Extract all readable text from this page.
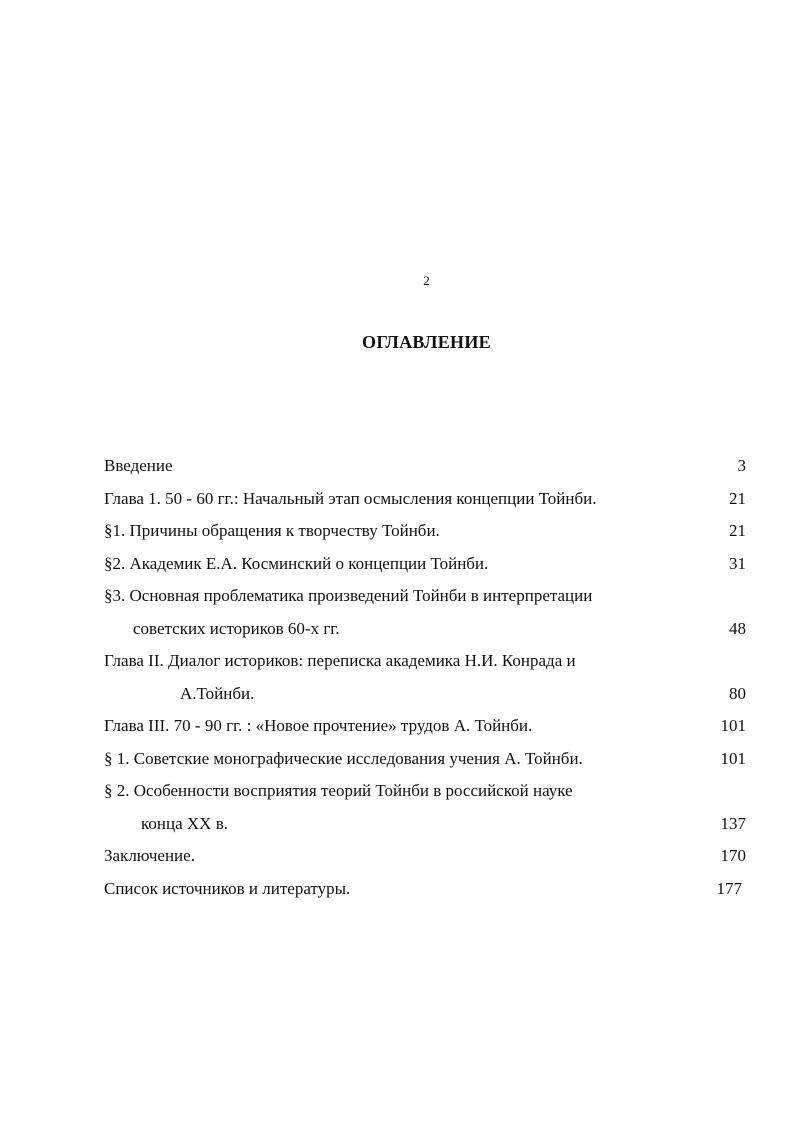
2
ОГЛАВЛЕНИЕ
Введение	3
Глава 1. 50 - 60 гг.: Начальный этап осмысления концепции Тойнби.	21
§1. Причины обращения к творчеству Тойнби.	21
§2. Академик Е.А. Косминский о концепции Тойнби.	31
§3. Основная проблематика произведений Тойнби в интерпретации
советских историков 60-х гг.	48
Глава II. Диалог историков: переписка академика Н.И. Конрада и
А.Тойнби.	80
Глава III. 70 - 90 гг. : «Новое прочтение» трудов А. Тойнби.	101
§ 1. Советские монографические исследования учения А. Тойнби.	101
§ 2. Особенности восприятия теорий Тойнби в российской науке
конца XX в.	137
Заключение.	170
Список источников и литературы.	177
